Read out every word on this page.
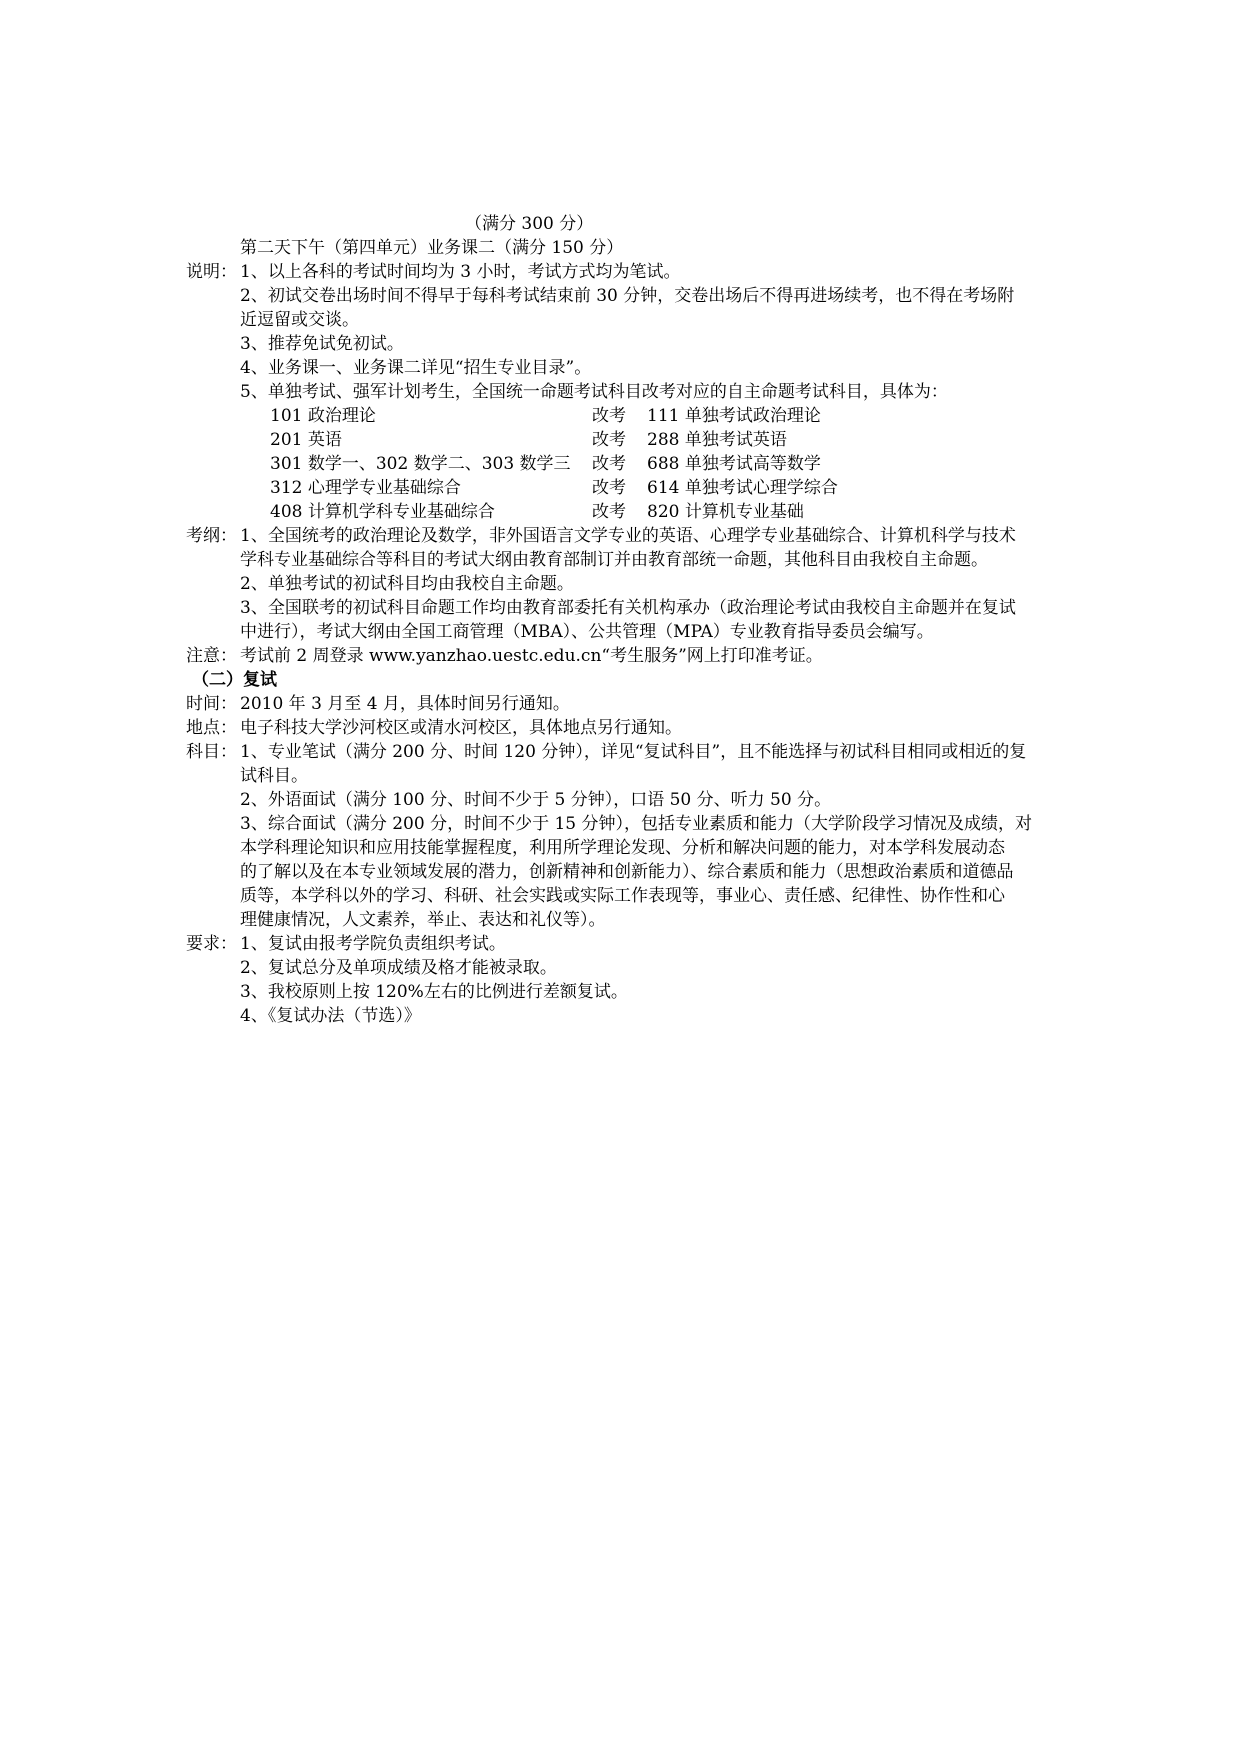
（满分 300 分）
第二天下午（第四单元）业务课二（满分 150 分）
说明： 1、以上各科的考试时间均为 3 小时，考试方式均为笔试。
2、初试交卷出场时间不得早于每科考试结束前 30 分钟，交卷出场后不得再进场续考，也不得在考场附
近逗留或交谈。
3、推荐免试免初试。
4、业务课一、业务课二详见“招生专业目录”。
5、单独考试、强军计划考生，全国统一命题考试科目改考对应的自主命题考试科目，具体为：
101 政治理论	改考	111 单独考试政治理论
201 英语	改考	288 单独考试英语
301 数学一、302 数学二、303 数学三	改考	688 单独考试高等数学
312 心理学专业基础综合	改考	614 单独考试心理学综合
408 计算机学科专业基础综合	改考	820 计算机专业基础
考纲： 1、全国统考的政治理论及数学，非外国语言文学专业的英语、心理学专业基础综合、计算机科学与技术
学科专业基础综合等科目的考试大纲由教育部制订并由教育部统一命题，其他科目由我校自主命题。
2、单独考试的初试科目均由我校自主命题。
3、全国联考的初试科目命题工作均由教育部委托有关机构承办（政治理论考试由我校自主命题并在复试
中进行），考试大纲由全国工商管理（MBA）、公共管理（MPA）专业教育指导委员会编写。
注意： 考试前 2 周登录 www.yanzhao.uestc.edu.cn“考生服务”网上打印准考证。
（二）复试
时间： 2010 年 3 月至 4 月，具体时间另行通知。
地点： 电子科技大学沙河校区或清水河校区，具体地点另行通知。
科目： 1、专业笔试（满分 200 分、时间 120 分钟），详见“复试科目”，且不能选择与初试科目相同或相近的复
试科目。
2、外语面试（满分 100 分、时间不少于 5 分钟），口语 50 分、听力 50 分。
3、综合面试（满分 200 分，时间不少于 15 分钟），包括专业素质和能力（大学阶段学习情况及成绩，对
本学科理论知识和应用技能掌握程度，利用所学理论发现、分析和解决问题的能力，对本学科发展动态
的了解以及在本专业领域发展的潜力，创新精神和创新能力）、综合素质和能力（思想政治素质和道德品
质等，本学科以外的学习、科研、社会实践或实际工作表现等，事业心、责任感、纪律性、协作性和心
理健康情况，人文素养，举止、表达和礼仪等）。
要求： 1、复试由报考学院负责组织考试。
2、复试总分及单项成绩及格才能被录取。
3、我校原则上按 120%左右的比例进行差额复试。
4、《复试办法（节选）》
